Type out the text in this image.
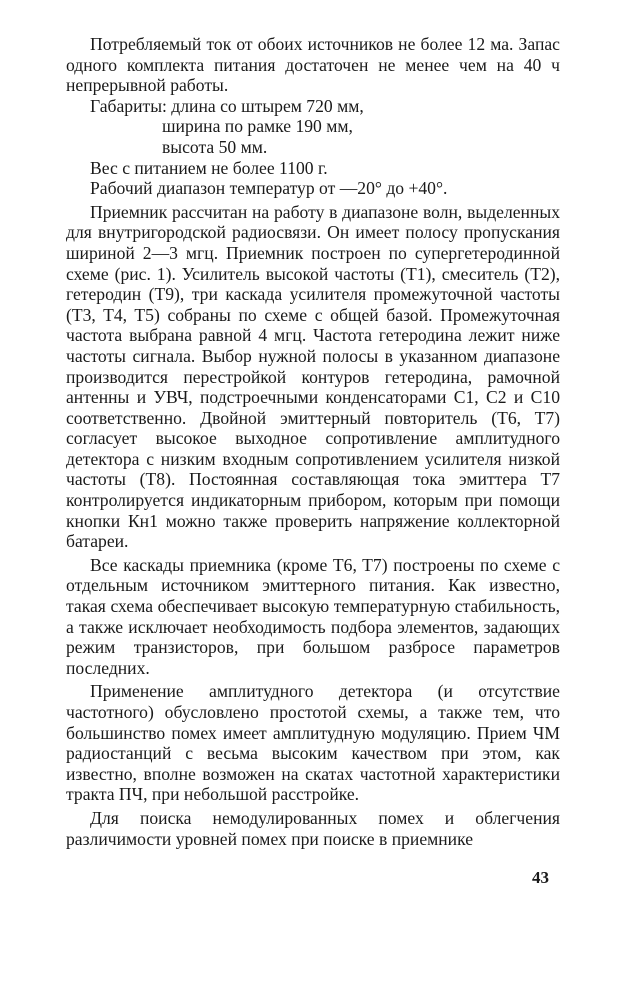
Потребляемый ток от обоих источников не более 12 ма. Запас одного комплекта питания достаточен не менее чем на 40 ч непрерывной работы.

Габариты: длина со штырем 720 мм,

ширина по рамке 190 мм,

высота 50 мм.

Вес с питанием не более 1100 г.

Рабочий диапазон температур от —20° до +40°.

Приемник рассчитан на работу в диапазоне волн, выделенных для внутригородской радиосвязи. Он имеет полосу пропускания шириной 2—3 мгц. Приемник построен по супергетеродинной схеме (рис. 1). Усилитель высокой частоты (T1), смеситель (T2), гетеродин (T9), три каскада усилителя промежуточной частоты (T3, T4, T5) собраны по схеме с общей базой. Промежуточная частота выбрана равной 4 мгц. Частота гетеродина лежит ниже частоты сигнала. Выбор нужной полосы в указанном диапазоне производится перестройкой контуров гетеродина, рамочной антенны и УВЧ, подстроечными конденсаторами C1, C2 и C10 соответственно. Двойной эмиттерный повторитель (T6, T7) согласует высокое выходное сопротивление амплитудного детектора с низким входным сопротивлением усилителя низкой частоты (T8). Постоянная составляющая тока эмиттера T7 контролируется индикаторным прибором, которым при помощи кнопки Кн1 можно также проверить напряжение коллекторной батареи.

Все каскады приемника (кроме T6, T7) построены по схеме с отдельным источником эмиттерного питания. Как известно, такая схема обеспечивает высокую температурную стабильность, а также исключает необходимость подбора элементов, задающих режим транзисторов, при большом разбросе параметров последних.

Применение амплитудного детектора (и отсутствие частотного) обусловлено простотой схемы, а также тем, что большинство помех имеет амплитудную модуляцию. Прием ЧМ радиостанций с весьма высоким качеством при этом, как известно, вполне возможен на скатах частотной характеристики тракта ПЧ, при небольшой расстройке.

Для поиска немодулированных помех и облегчения различимости уровней помех при поиске в приемнике

43
